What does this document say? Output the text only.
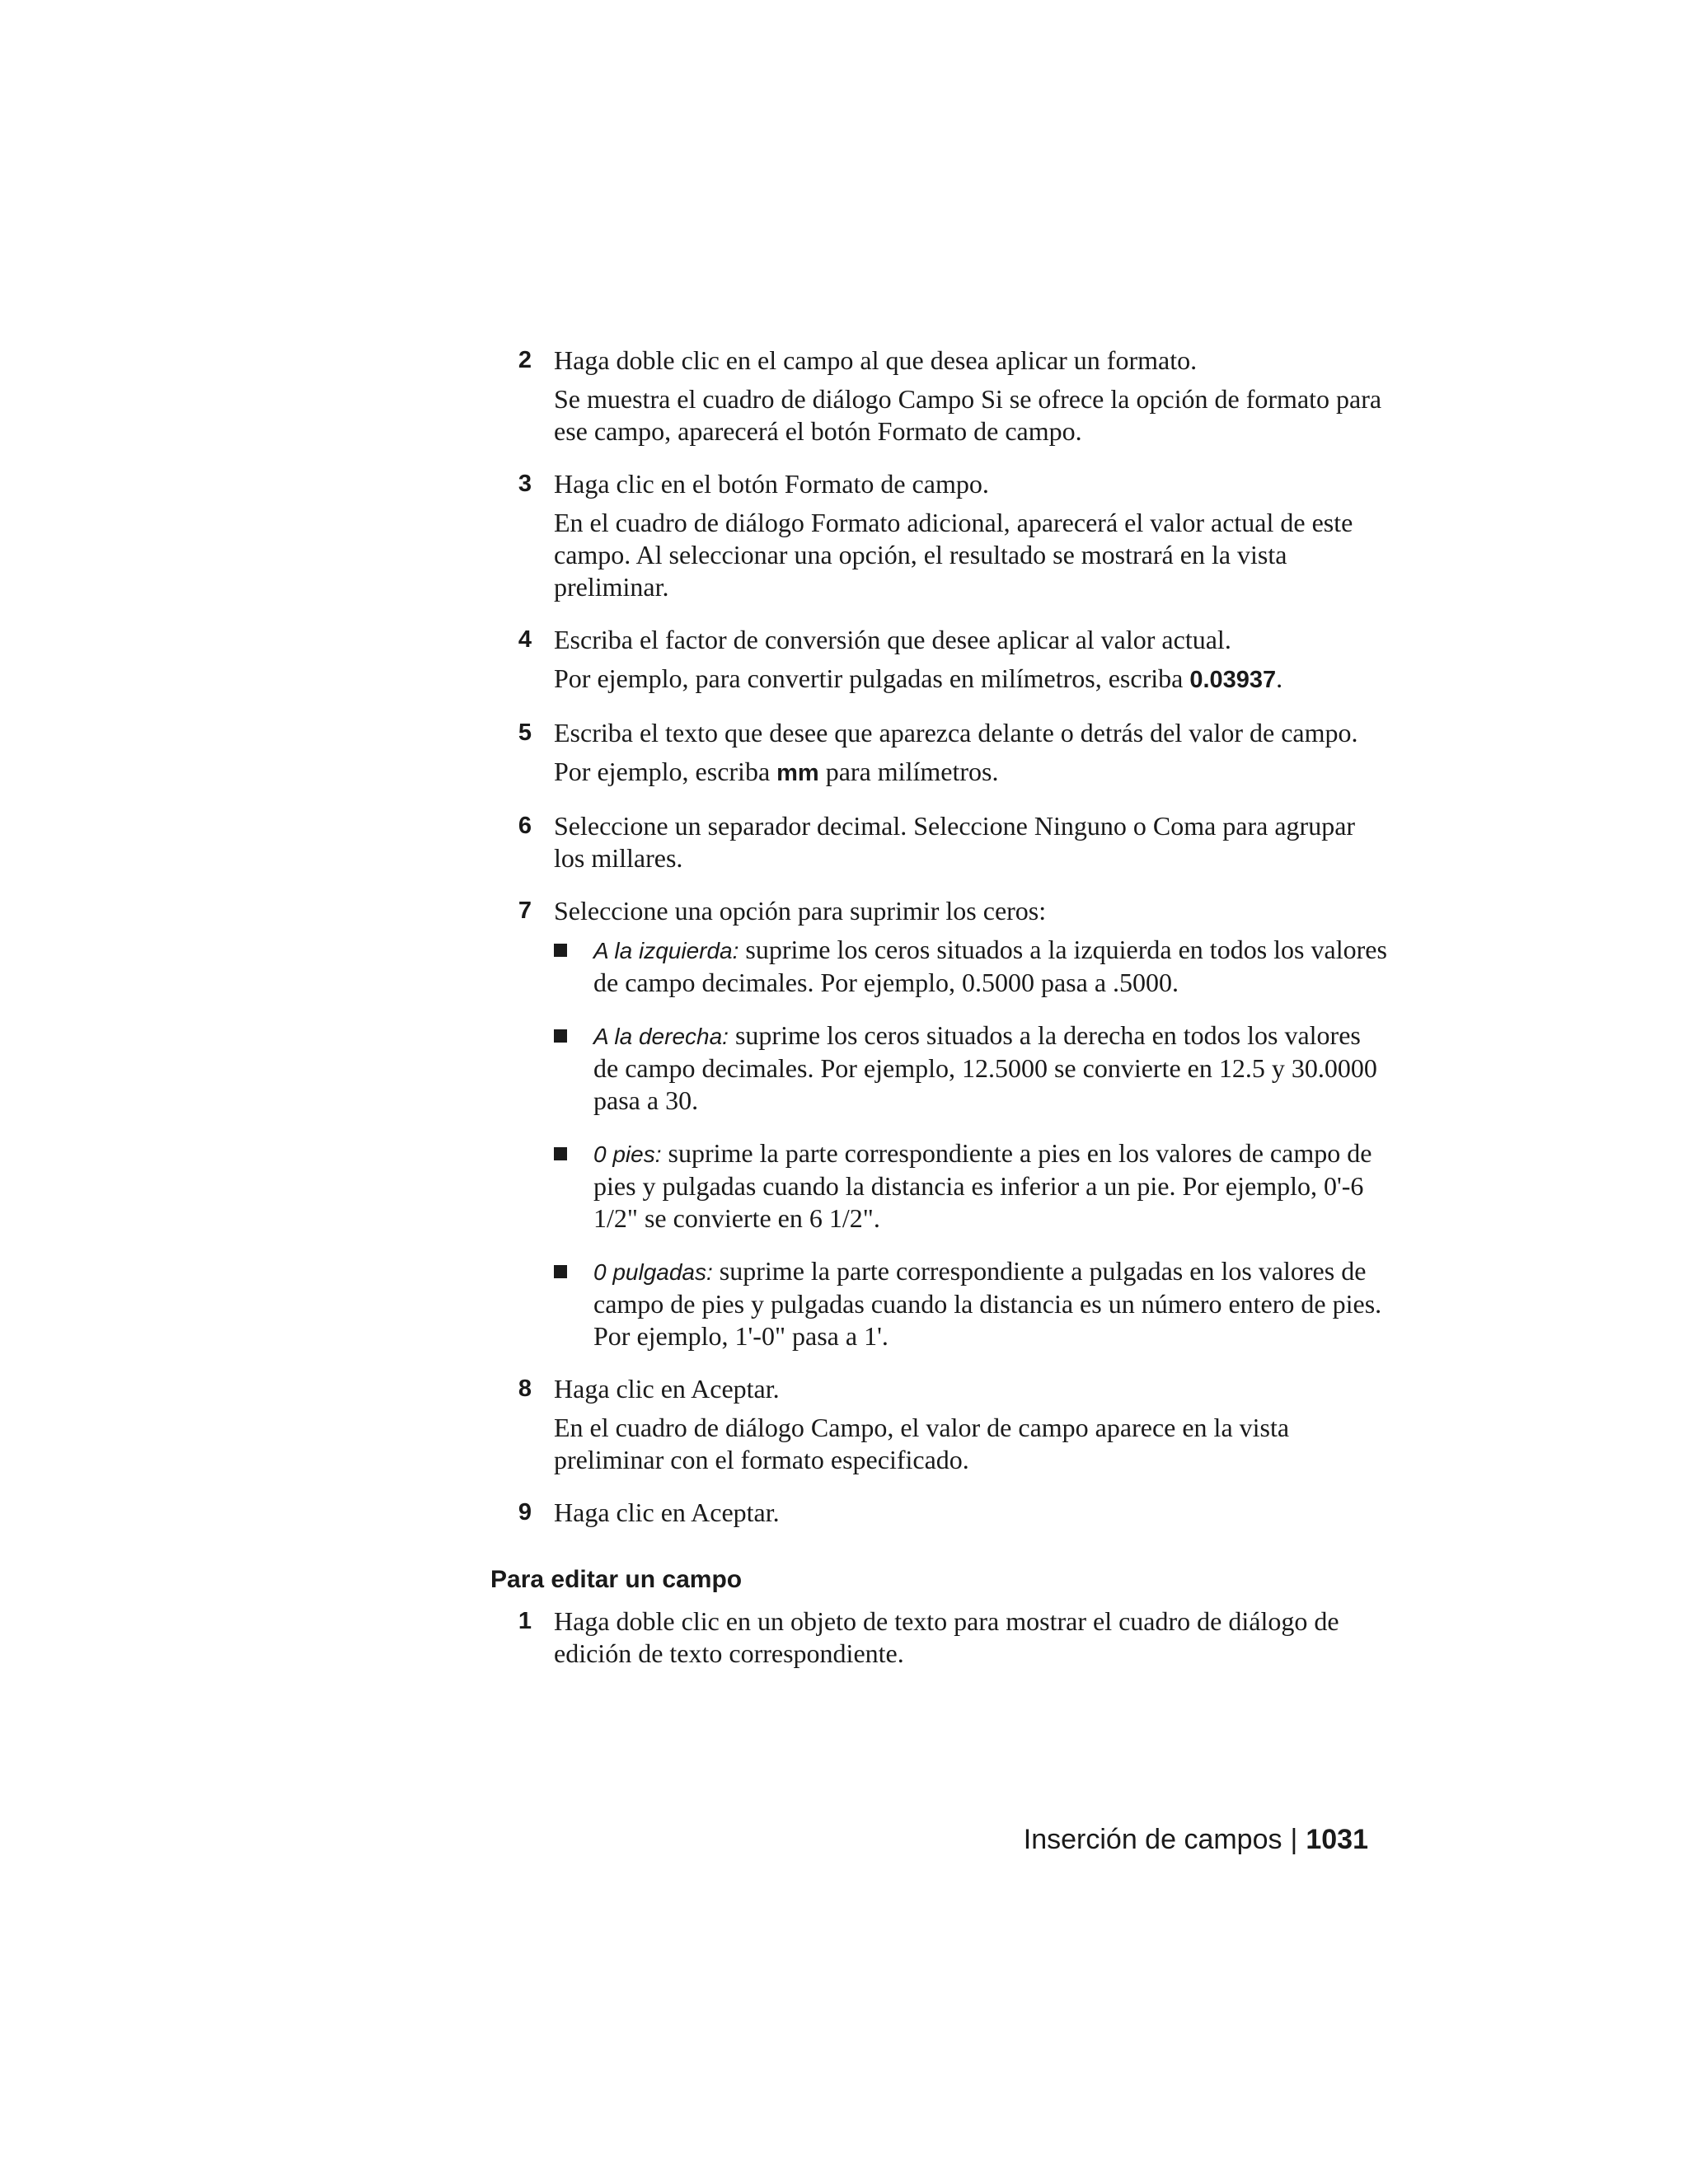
2 Haga doble clic en el campo al que desea aplicar un formato.

Se muestra el cuadro de diálogo Campo Si se ofrece la opción de formato para ese campo, aparecerá el botón Formato de campo.

3 Haga clic en el botón Formato de campo.

En el cuadro de diálogo Formato adicional, aparecerá el valor actual de este campo. Al seleccionar una opción, el resultado se mostrará en la vista preliminar.

4 Escriba el factor de conversión que desee aplicar al valor actual.

Por ejemplo, para convertir pulgadas en milímetros, escriba 0.03937.

5 Escriba el texto que desee que aparezca delante o detrás del valor de campo.

Por ejemplo, escriba mm para milímetros.

6 Seleccione un separador decimal. Seleccione Ninguno o Coma para agrupar los millares.

7 Seleccione una opción para suprimir los ceros:

A la izquierda: suprime los ceros situados a la izquierda en todos los valores de campo decimales. Por ejemplo, 0.5000 pasa a .5000.
A la derecha: suprime los ceros situados a la derecha en todos los valores de campo decimales. Por ejemplo, 12.5000 se convierte en 12.5 y 30.0000 pasa a 30.
0 pies: suprime la parte correspondiente a pies en los valores de campo de pies y pulgadas cuando la distancia es inferior a un pie. Por ejemplo, 0'-6 1/2" se convierte en 6 1/2".
0 pulgadas: suprime la parte correspondiente a pulgadas en los valores de campo de pies y pulgadas cuando la distancia es un número entero de pies. Por ejemplo, 1'-0" pasa a 1'.
8 Haga clic en Aceptar.

En el cuadro de diálogo Campo, el valor de campo aparece en la vista preliminar con el formato especificado.

9 Haga clic en Aceptar.

Para editar un campo
1 Haga doble clic en un objeto de texto para mostrar el cuadro de diálogo de edición de texto correspondiente.

Inserción de campos | 1031
